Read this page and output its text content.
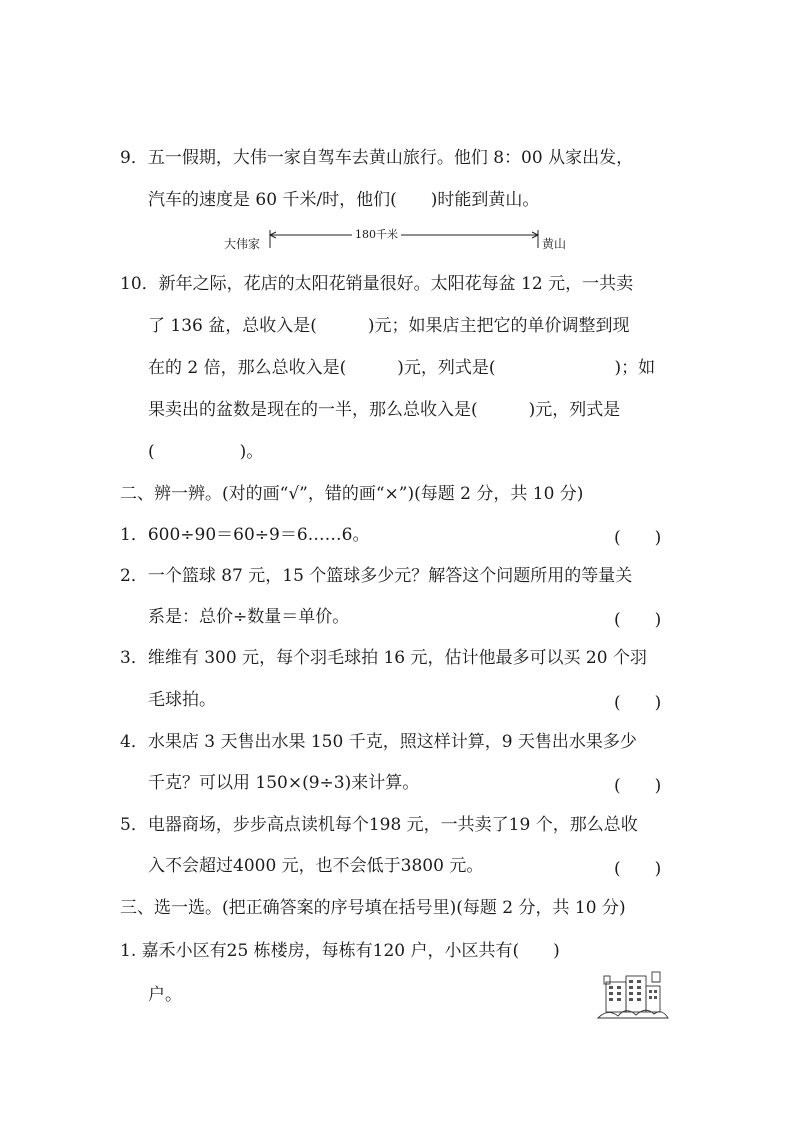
9．五一假期，大伟一家自驾车去黄山旅行。他们 8：00 从家出发，
汽车的速度是 60 千米/时，他们(　　)时能到黄山。
大伟家
180千米
黄山
10．新年之际，花店的太阳花销量很好。太阳花每盆 12 元，一共卖
了 136 盆，总收入是(　　　)元；如果店主把它的单价调整到现
在的 2 倍，那么总收入是(　　　)元，列式是(　　　　　　　)；如
果卖出的盆数是现在的一半，那么总收入是(　　　)元，列式是
(　　　　　)。
二、辨一辨。(对的画“√”，错的画“×”)(每题 2 分，共 10 分)
1．600÷90＝60÷9＝6……6。	(　　)
2．一个篮球 87 元，15 个篮球多少元？解答这个问题所用的等量关
系是：总价÷数量＝单价。	(　　)
3．维维有 300 元，每个羽毛球拍 16 元，估计他最多可以买 20 个羽
毛球拍。	(　　)
4．水果店 3 天售出水果 150 千克，照这样计算，9 天售出水果多少
千克？可以用 150×(9÷3)来计算。	(　　)
5．电器商场，步步高点读机每个198 元，一共卖了19 个，那么总收
入不会超过4000 元，也不会低于3800 元。	(　　)
三、选一选。(把正确答案的序号填在括号里)(每题 2 分，共 10 分)
1. 嘉禾小区有25 栋楼房，每栋有120 户，小区共有(　　)
户。
